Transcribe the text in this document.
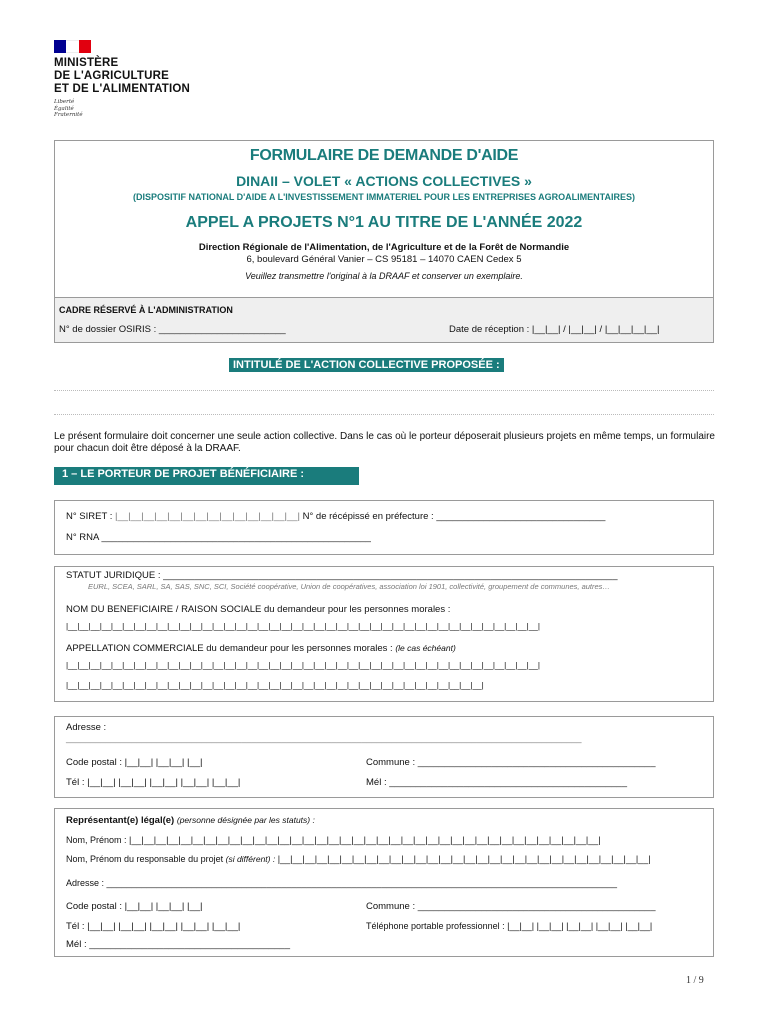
MINISTÈRE
DE L'AGRICULTURE
ET DE L'ALIMENTATION
Liberté
Égalité
Fraternité
FORMULAIRE DE DEMANDE D'AIDE
DINAII – VOLET « ACTIONS COLLECTIVES »
(DISPOSITIF NATIONAL D'AIDE A L'INVESTISSEMENT IMMATERIEL POUR LES ENTREPRISES AGROALIMENTAIRES)
APPEL A PROJETS N°1 AU TITRE DE L'ANNÉE 2022
Direction Régionale de l'Alimentation, de l'Agriculture et de la Forêt de Normandie
6, boulevard Général Vanier – CS 95181 – 14070 CAEN Cedex 5
Veuillez transmettre l'original à la DRAAF et conserver un exemplaire.
CADRE RÉSERVÉ À L'ADMINISTRATION
N° de dossier OSIRIS : ________________________	Date de réception : |__|__| / |__|__| / |__|__|__|__|
INTITULÉ DE L'ACTION COLLECTIVE PROPOSÉE :
Le présent formulaire doit concerner une seule action collective. Dans le cas où le porteur déposerait plusieurs projets en même temps, un formulaire pour chacun doit être déposé à la DRAAF.
1 – LE PORTEUR DE PROJET BÉNÉFICIAIRE :
N° SIRET : |__|__|__|__|__|__|__|__|__|__|__|__|__|__| N° de récépissé en préfecture : ________________________________
N° RNA ___________________________________________________
STATUT JURIDIQUE : ______________________________________________________________________________________
EURL, SCEA, SARL, SA, SAS, SNC, SCI, Société coopérative, Union de coopératives, association loi 1901, collectivité, groupement de communes, autres…
NOM DU BENEFICIAIRE / RAISON SOCIALE du demandeur pour les personnes morales :
|__|__|__|__|__|__|__|__|__|__|__|__|__|__|__|__|__|__|__|__|__|__|__|__|__|__|__|__|__|__|__|__|__|__|__|__|__|__|__|__|__|__|
APPELLATION COMMERCIALE du demandeur pour les personnes morales : (le cas échéant)
|__|__|__|__|__|__|__|__|__|__|__|__|__|__|__|__|__|__|__|__|__|__|__|__|__|__|__|__|__|__|__|__|__|__|__|__|__|__|__|__|__|__|
|__|__|__|__|__|__|__|__|__|__|__|__|__|__|__|__|__|__|__|__|__|__|__|__|__|__|__|__|__|__|__|__|__|__|__|__|__|
Adresse :
_______________________________________________________________________________________________________
Code postal : |__|__| |__|__| |__|	Commune : _____________________________________________
Tél : |__|__| |__|__| |__|__| |__|__| |__|__|	Mél : _____________________________________________
Représentant(e) légal(e) (personne désignée par les statuts) :
Nom, Prénom : |__|__|__|__|__|__|__|__|__|__|__|__|__|__|__|__|__|__|__|__|__|__|__|__|__|__|__|__|__|__|__|__|__|__|__|__|__|__|
Nom, Prénom du responsable du projet (si différent) : |__|__|__|__|__|__|__|__|__|__|__|__|__|__|__|__|__|__|__|__|__|__|__|__|__|__|__|__|__|__|
Adresse : ______________________________________________________________________________________________________
Code postal : |__|__| |__|__| |__|	Commune : _____________________________________________
Tél : |__|__| |__|__| |__|__| |__|__| |__|__|	Téléphone portable professionnel : |__|__| |__|__| |__|__| |__|__| |__|__|
Mél : ______________________________________
1 / 9
